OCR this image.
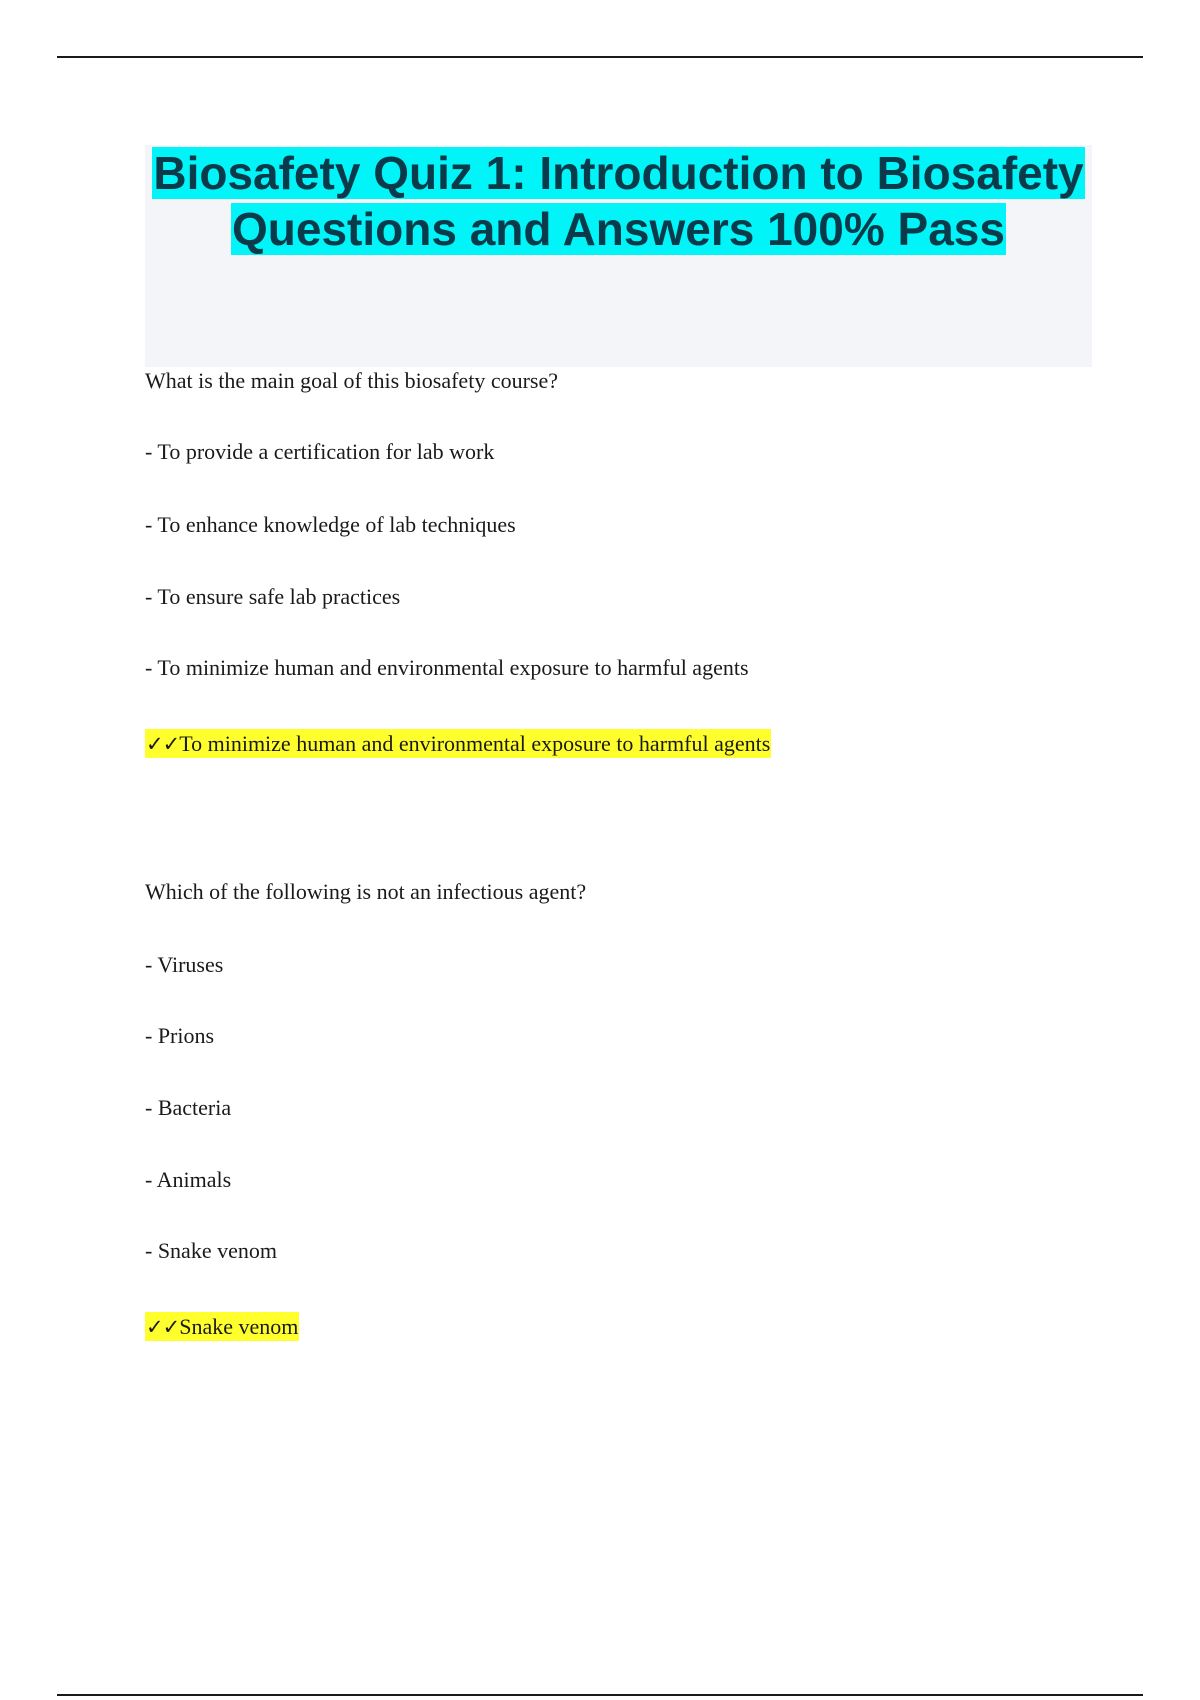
Biosafety Quiz 1: Introduction to Biosafety Questions and Answers 100% Pass

What is the main goal of this biosafety course?

- To provide a certification for lab work

- To enhance knowledge of lab techniques

- To ensure safe lab practices

- To minimize human and environmental exposure to harmful agents

✓✓To minimize human and environmental exposure to harmful agents

Which of the following is not an infectious agent?

- Viruses

- Prions

- Bacteria

- Animals

- Snake venom

✓✓Snake venom
